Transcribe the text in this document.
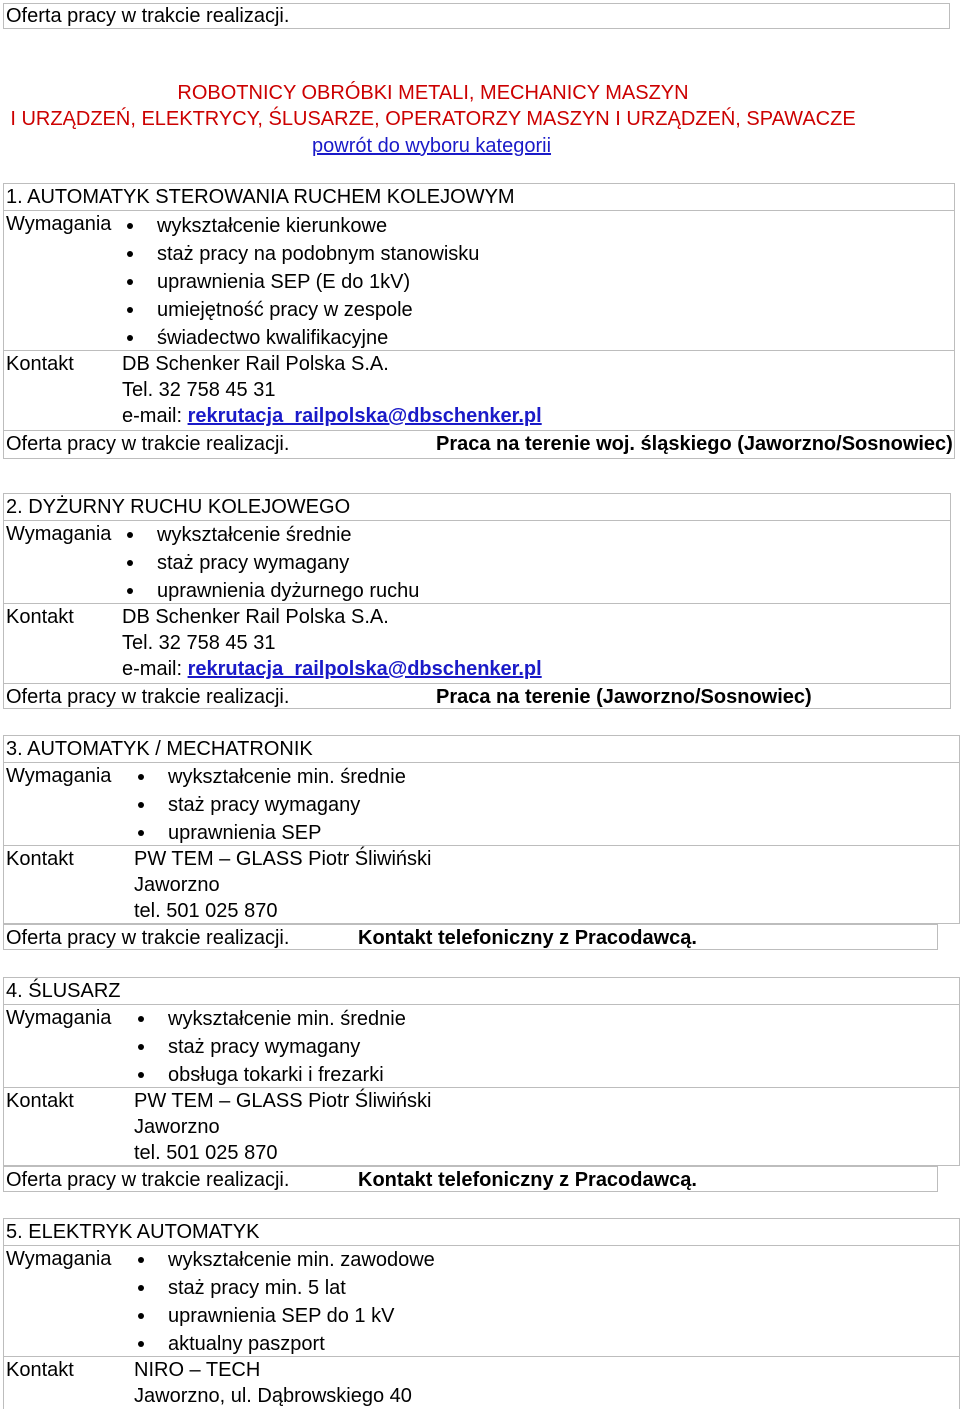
Oferta pracy w trakcie realizacji.
ROBOTNICY OBRÓBKI METALI, MECHANICY MASZYN
I URZĄDZEŃ, ELEKTRYCY, ŚLUSARZE, OPERATORZY MASZYN I URZĄDZEŃ, SPAWACZE
powrót do wyboru kategorii
1. AUTOMATYK STEROWANIA RUCHEM KOLEJOWYM
Wymagania wykształcenie kierunkowe
staż pracy na podobnym stanowisku
uprawnienia SEP (E do 1kV)
umiejętność pracy w zespole
świadectwo kwalifikacyjne
Kontakt DB Schenker Rail Polska S.A.
Tel. 32 758 45 31
e-mail: rekrutacja_railpolska@dbschenker.pl
Oferta pracy w trakcie realizacji.	Praca na terenie woj. śląskiego (Jaworzno/Sosnowiec)
2. DYŻURNY RUCHU KOLEJOWEGO
Wymagania wykształcenie średnie
staż pracy wymagany
uprawnienia dyżurnego ruchu
Kontakt DB Schenker Rail Polska S.A.
Tel. 32 758 45 31
e-mail: rekrutacja_railpolska@dbschenker.pl
Oferta pracy w trakcie realizacji.	Praca na terenie (Jaworzno/Sosnowiec)
3. AUTOMATYK / MECHATRONIK
Wymagania	wykształcenie min. średnie
staż pracy wymagany
uprawnienia SEP
Kontakt	PW TEM – GLASS Piotr Śliwiński
Jaworzno
tel. 501 025 870
Oferta pracy w trakcie realizacji.	Kontakt telefoniczny z Pracodawcą.
4. ŚLUSARZ
Wymagania	wykształcenie min. średnie
staż pracy wymagany
obsługa tokarki i frezarki
Kontakt	PW TEM – GLASS Piotr Śliwiński
Jaworzno
tel. 501 025 870
Oferta pracy w trakcie realizacji.	Kontakt telefoniczny z Pracodawcą.
5. ELEKTRYK AUTOMATYK
Wymagania	wykształcenie min. zawodowe
staż pracy min. 5 lat
uprawnienia SEP do 1 kV
aktualny paszport
Kontakt	NIRO – TECH
Jaworzno, ul. Dąbrowskiego 40
